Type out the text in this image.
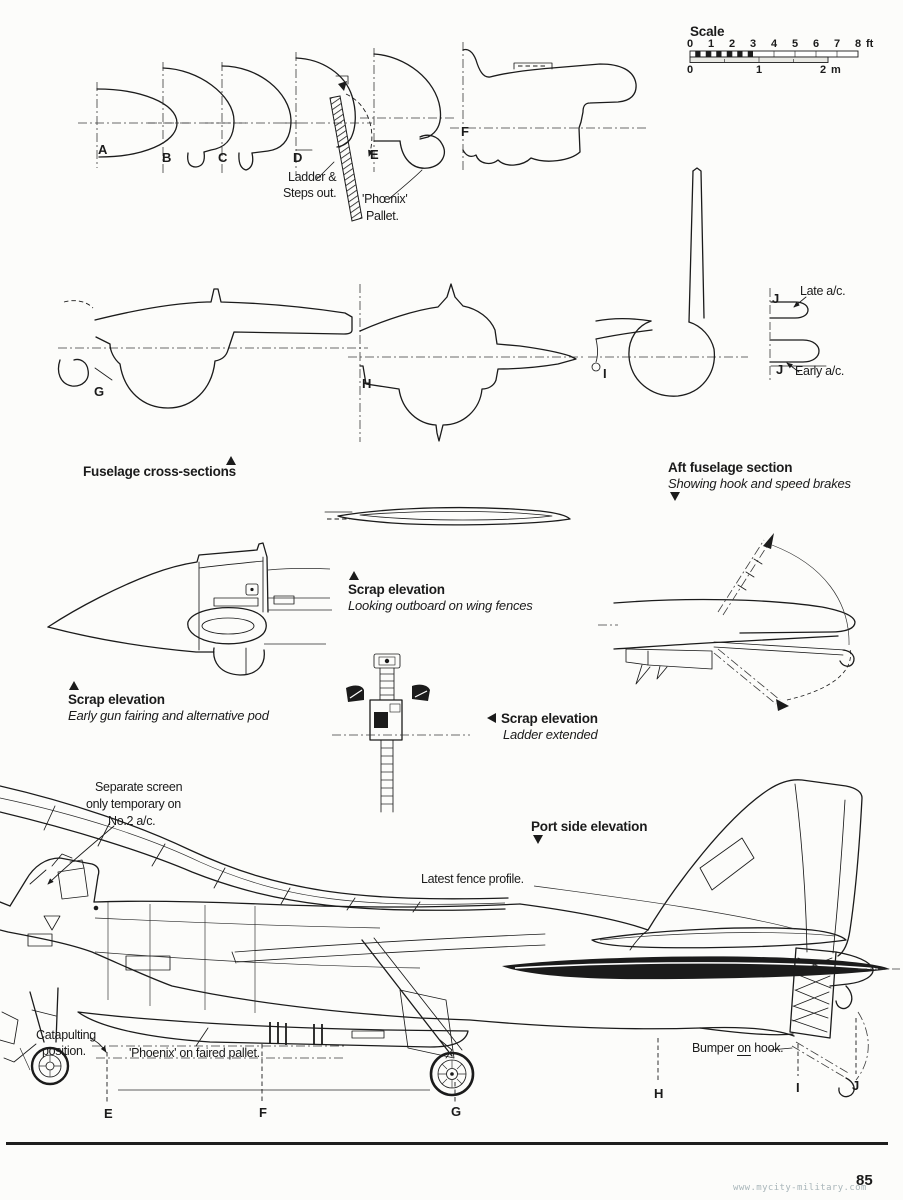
Scale
0 1 2 3 4 5 6 7 8 ft
0	1	2 m
A
B	C	D	E
F
Ladder &
Steps out. 'Phœnix'
Pallet.
G
H
I
J
J
Late a/c.
Early a/c.
Fuselage cross-sections	Aft fuselage section
Showing hook and speed brakes
Scrap elevation
Looking outboard on wing fences
Scrap elevation
Early gun fairing and alternative pod	Scrap elevation
Ladder extended
Separate screen
only temporary on
No.2 a/c.	Port side elevation
Latest fence profile.
Catapulting
position.	'Phoenix' on faired pallet.	Bumper on hook.
E	F	G
H	I	J
www.mycity-military.com
85
